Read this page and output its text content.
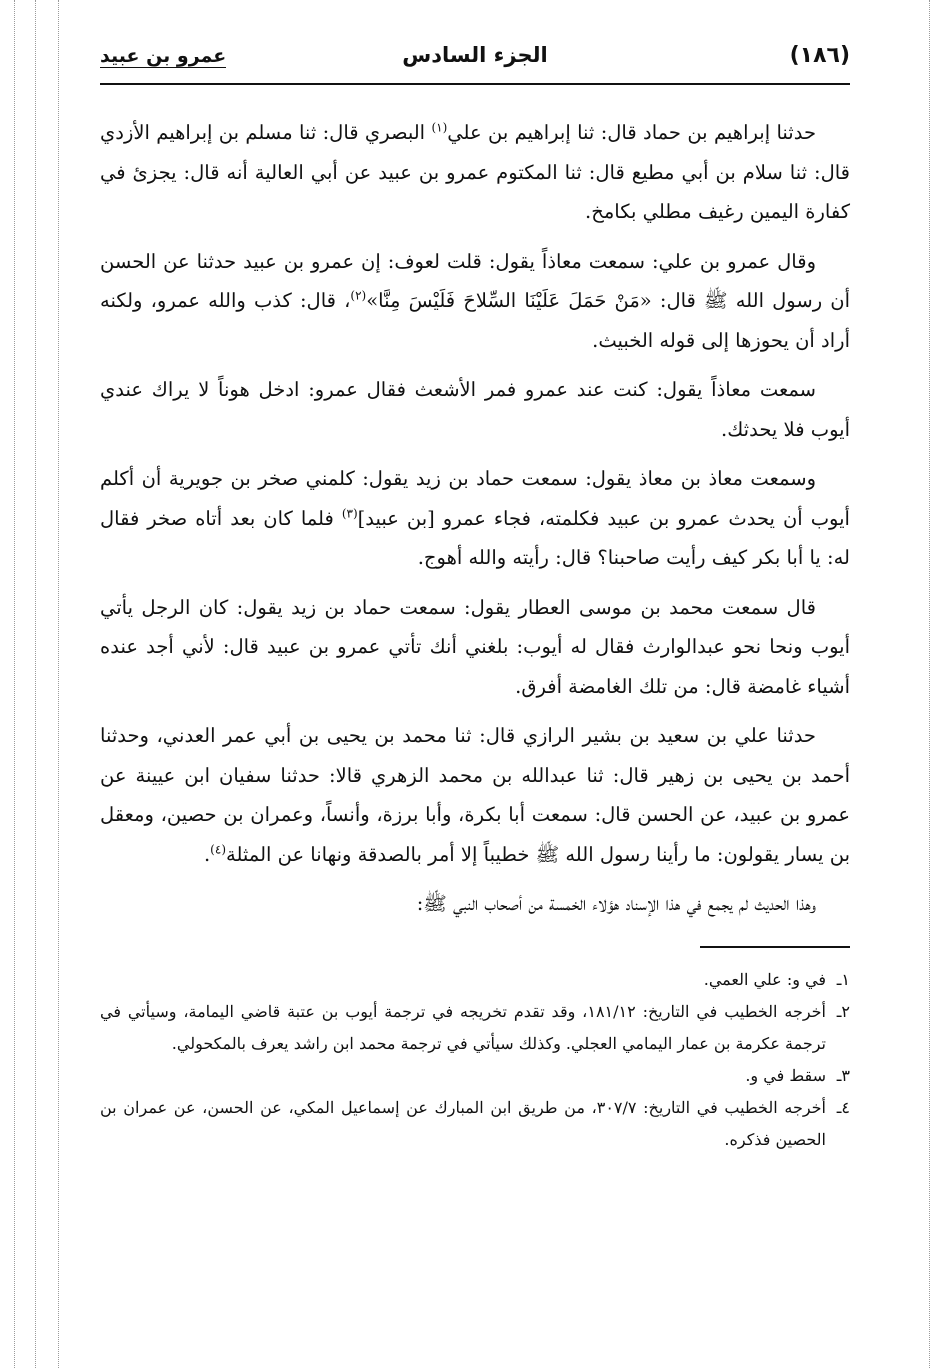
(١٨٦)
الجزء السادس
عمرو بن عبيد

حدثنا إبراهيم بن حماد قال: ثنا إبراهيم بن علي$^{(١)}$ البصري قال: ثنا مسلم بن إبراهيم الأزدي قال: ثنا سلام بن أبي مطيع قال: ثنا المكتوم عمرو بن عبيد عن أبي العالية أنه قال: يجزئ في كفارة اليمين رغيف مطلي بكامخ.

وقال عمرو بن علي: سمعت معاذاً يقول: قلت لعوف: إن عمرو بن عبيد حدثنا عن الحسن أن رسول الله ﷺ قال: «مَنْ حَمَلَ عَلَيْنَا السِّلاحَ فَلَيْسَ مِنَّا»$^{(٢)}$، قال: كذب والله عمرو، ولكنه أراد أن يحوزها إلى قوله الخبيث.

سمعت معاذاً يقول: كنت عند عمرو فمر الأشعث فقال عمرو: ادخل هوناً لا يراك عندي أيوب فلا يحدثك.

وسمعت معاذ بن معاذ يقول: سمعت حماد بن زيد يقول: كلمني صخر بن جويرية أن أكلم أيوب أن يحدث عمرو بن عبيد فكلمته، فجاء عمرو [بن عبيد]$^{(٣)}$ فلما كان بعد أتاه صخر فقال له: يا أبا بكر كيف رأيت صاحبنا؟ قال: رأيته والله أهوج.

قال سمعت محمد بن موسى العطار يقول: سمعت حماد بن زيد يقول: كان الرجل يأتي أيوب ونحا نحو عبدالوارث فقال له أيوب: بلغني أنك تأتي عمرو بن عبيد قال: لأني أجد عنده أشياء غامضة قال: من تلك الغامضة أفرق.

حدثنا علي بن سعيد بن بشير الرازي قال: ثنا محمد بن يحيى بن أبي عمر العدني، وحدثنا أحمد بن يحيى بن زهير قال: ثنا عبدالله بن محمد الزهري قالا: حدثنا سفيان ابن عيينة عن عمرو بن عبيد، عن الحسن قال: سمعت أبا بكرة، وأبا برزة، وأنساً، وعمران بن حصين، ومعقل بن يسار يقولون: ما رأينا رسول الله ﷺ خطيباً إلا أمر بالصدقة ونهانا عن المثلة$^{(٤)}$.

وهذا الحديث لم يجمع في هذا الإسناد هؤلاء الخمسة من أصحاب النبي ﷺ:

١ـ
في و: علي العمي.
٢ـ
أخرجه الخطيب في التاريخ: ١٨١/١٢، وقد تقدم تخريجه في ترجمة أيوب بن عتبة قاضي اليمامة، وسيأتي في ترجمة عكرمة بن عمار اليمامي العجلي. وكذلك سيأتي في ترجمة محمد ابن راشد يعرف بالمكحولي.
٣ـ
سقط في و.
٤ـ
أخرجه الخطيب في التاريخ: ٣٠٧/٧، من طريق ابن المبارك عن إسماعيل المكي، عن الحسن، عن عمران بن الحصين فذكره.
